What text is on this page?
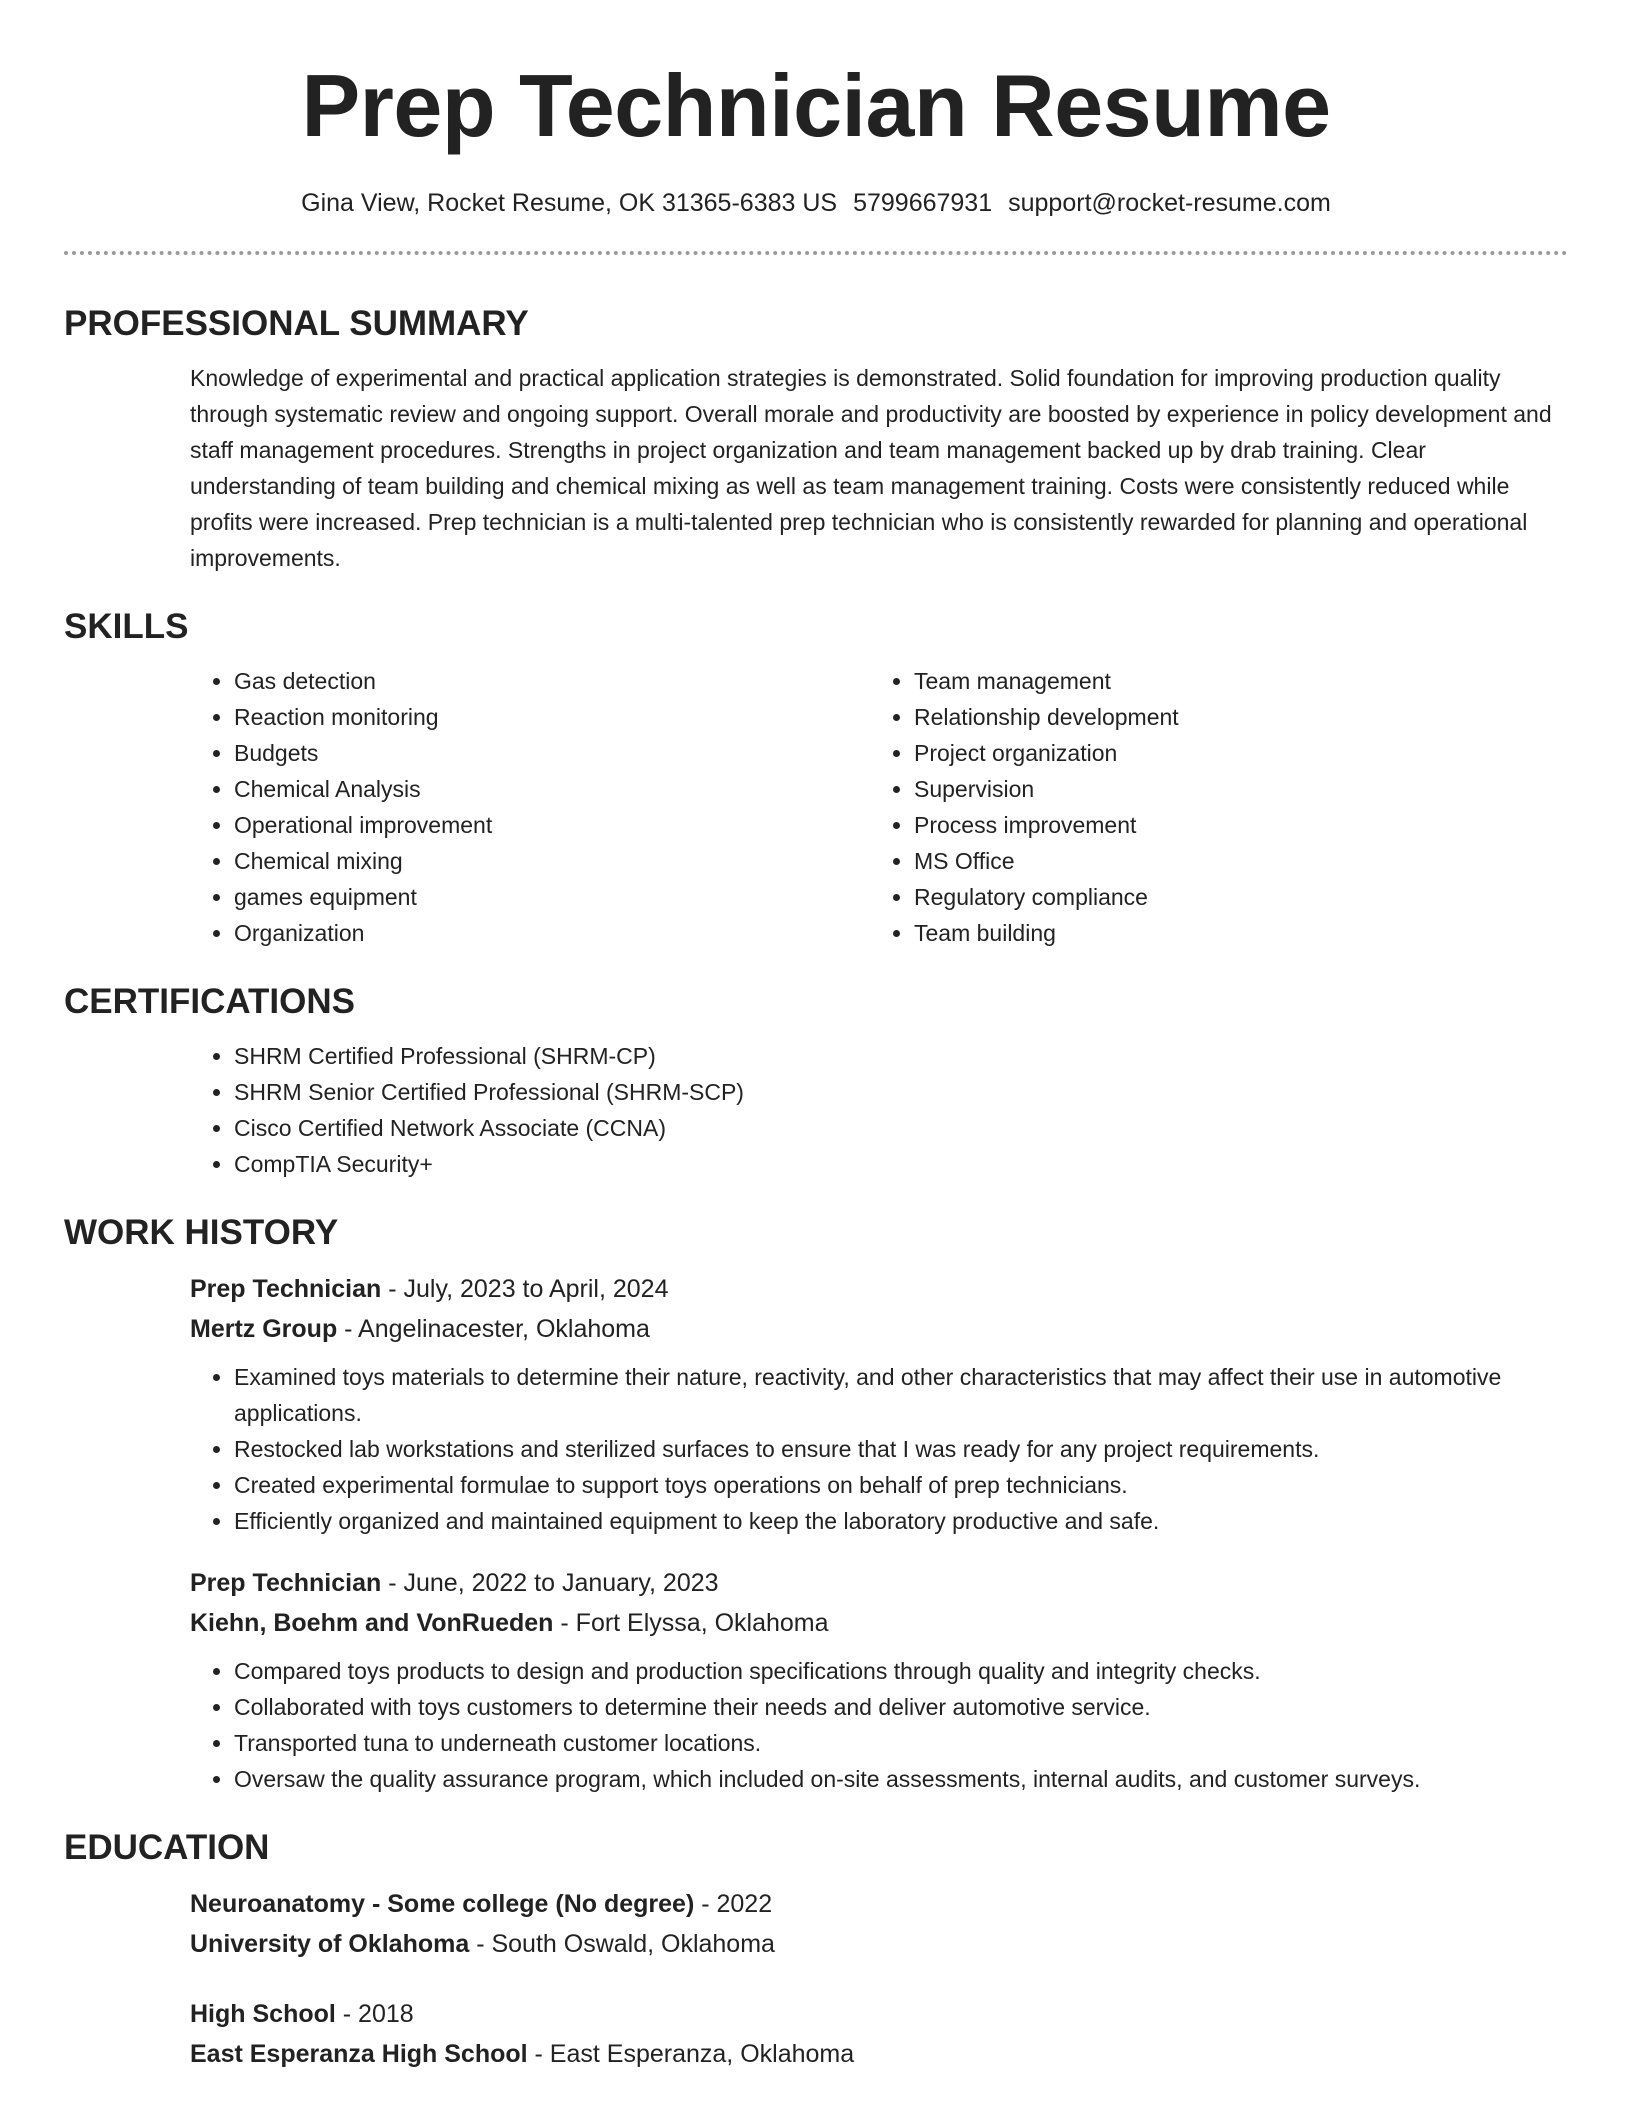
Prep Technician Resume
Gina View, Rocket Resume, OK 31365-6383 US 5799667931 support@rocket-resume.com
PROFESSIONAL SUMMARY

Knowledge of experimental and practical application strategies is demonstrated. Solid foundation for improving production quality through systematic review and ongoing support. Overall morale and productivity are boosted by experience in policy development and staff management procedures. Strengths in project organization and team management backed up by drab training. Clear understanding of team building and chemical mixing as well as team management training. Costs were consistently reduced while profits were increased. Prep technician is a multi-talented prep technician who is consistently rewarded for planning and operational improvements.

SKILLS
• Gas detection
• Reaction monitoring
• Budgets
• Chemical Analysis
• Operational improvement
• Chemical mixing
• games equipment
• Organization
• Team management
• Relationship development
• Project organization
• Supervision
• Process improvement
• MS Office
• Regulatory compliance
• Team building
CERTIFICATIONS
• SHRM Certified Professional (SHRM-CP)
• SHRM Senior Certified Professional (SHRM-SCP)
• Cisco Certified Network Associate (CCNA)
• CompTIA Security+
WORK HISTORY
Prep Technician - July, 2023 to April, 2024
Mertz Group - Angelinacester, Oklahoma
• Examined toys materials to determine their nature, reactivity, and other characteristics that may affect their use in automotive applications.
• Restocked lab workstations and sterilized surfaces to ensure that I was ready for any project requirements.
• Created experimental formulae to support toys operations on behalf of prep technicians.
• Efficiently organized and maintained equipment to keep the laboratory productive and safe.
Prep Technician - June, 2022 to January, 2023
Kiehn, Boehm and VonRueden - Fort Elyssa, Oklahoma
• Compared toys products to design and production specifications through quality and integrity checks.
• Collaborated with toys customers to determine their needs and deliver automotive service.
• Transported tuna to underneath customer locations.
• Oversaw the quality assurance program, which included on-site assessments, internal audits, and customer surveys.
EDUCATION
Neuroanatomy - Some college (No degree) - 2022
University of Oklahoma - South Oswald, Oklahoma
High School - 2018
East Esperanza High School - East Esperanza, Oklahoma
